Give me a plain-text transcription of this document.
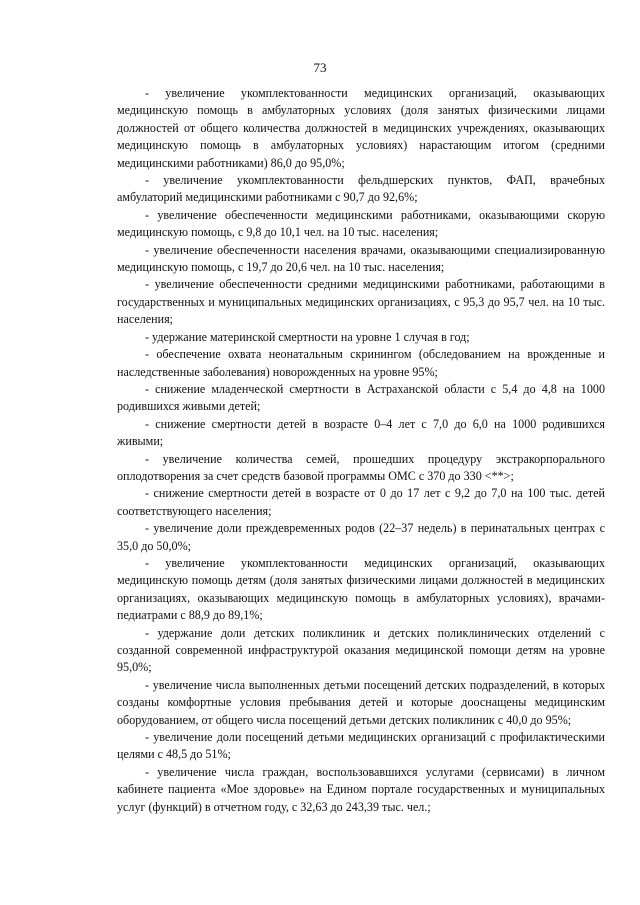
73

- увеличение укомплектованности медицинских организаций, оказывающих медицинскую помощь в амбулаторных условиях (доля занятых физическими лицами должностей от общего количества должностей в медицинских учреждениях, оказывающих медицинскую помощь в амбулаторных условиях) нарастающим итогом (средними медицинскими работниками) 86,0 до 95,0%;

- увеличение укомплектованности фельдшерских пунктов, ФАП, врачебных амбулаторий медицинскими работниками с 90,7 до 92,6%;

- увеличение обеспеченности медицинскими работниками, оказывающими скорую медицинскую помощь, с 9,8 до 10,1 чел. на 10 тыс. населения;

- увеличение обеспеченности населения врачами, оказывающими специализированную медицинскую помощь, с 19,7 до 20,6 чел. на 10 тыс. населения;

- увеличение обеспеченности средними медицинскими работниками, работающими в государственных и муниципальных медицинских организациях, с 95,3 до 95,7 чел. на 10 тыс. населения;

- удержание материнской смертности на уровне 1 случая в год;

- обеспечение охвата неонатальным скринингом (обследованием на врожденные и наследственные заболевания) новорожденных на уровне 95%;

- снижение младенческой смертности в Астраханской области с 5,4 до 4,8 на 1000 родившихся живыми детей;

- снижение смертности детей в возрасте 0–4 лет с 7,0 до 6,0 на 1000 родившихся живыми;

- увеличение количества семей, прошедших процедуру экстракорпорального оплодотворения за счет средств базовой программы ОМС с 370 до 330 <**>;

- снижение смертности детей в возрасте от 0 до 17 лет с 9,2 до 7,0 на 100 тыс. детей соответствующего населения;

- увеличение доли преждевременных родов (22–37 недель) в перинатальных центрах с 35,0 до 50,0%;

- увеличение укомплектованности медицинских организаций, оказывающих медицинскую помощь детям (доля занятых физическими лицами должностей в медицинских организациях, оказывающих медицинскую помощь в амбулаторных условиях), врачами-педиатрами с 88,9 до 89,1%;

- удержание доли детских поликлиник и детских поликлинических отделений с созданной современной инфраструктурой оказания медицинской помощи детям на уровне 95,0%;

- увеличение числа выполненных детьми посещений детских подразделений, в которых созданы комфортные условия пребывания детей и которые дооснащены медицинским оборудованием, от общего числа посещений детьми детских поликлиник с 40,0 до 95%;

- увеличение доли посещений детьми медицинских организаций с профилактическими целями с 48,5 до 51%;

- увеличение числа граждан, воспользовавшихся услугами (сервисами) в личном кабинете пациента «Мое здоровье» на Едином портале государственных и муниципальных услуг (функций) в отчетном году, с 32,63 до 243,39 тыс. чел.;
